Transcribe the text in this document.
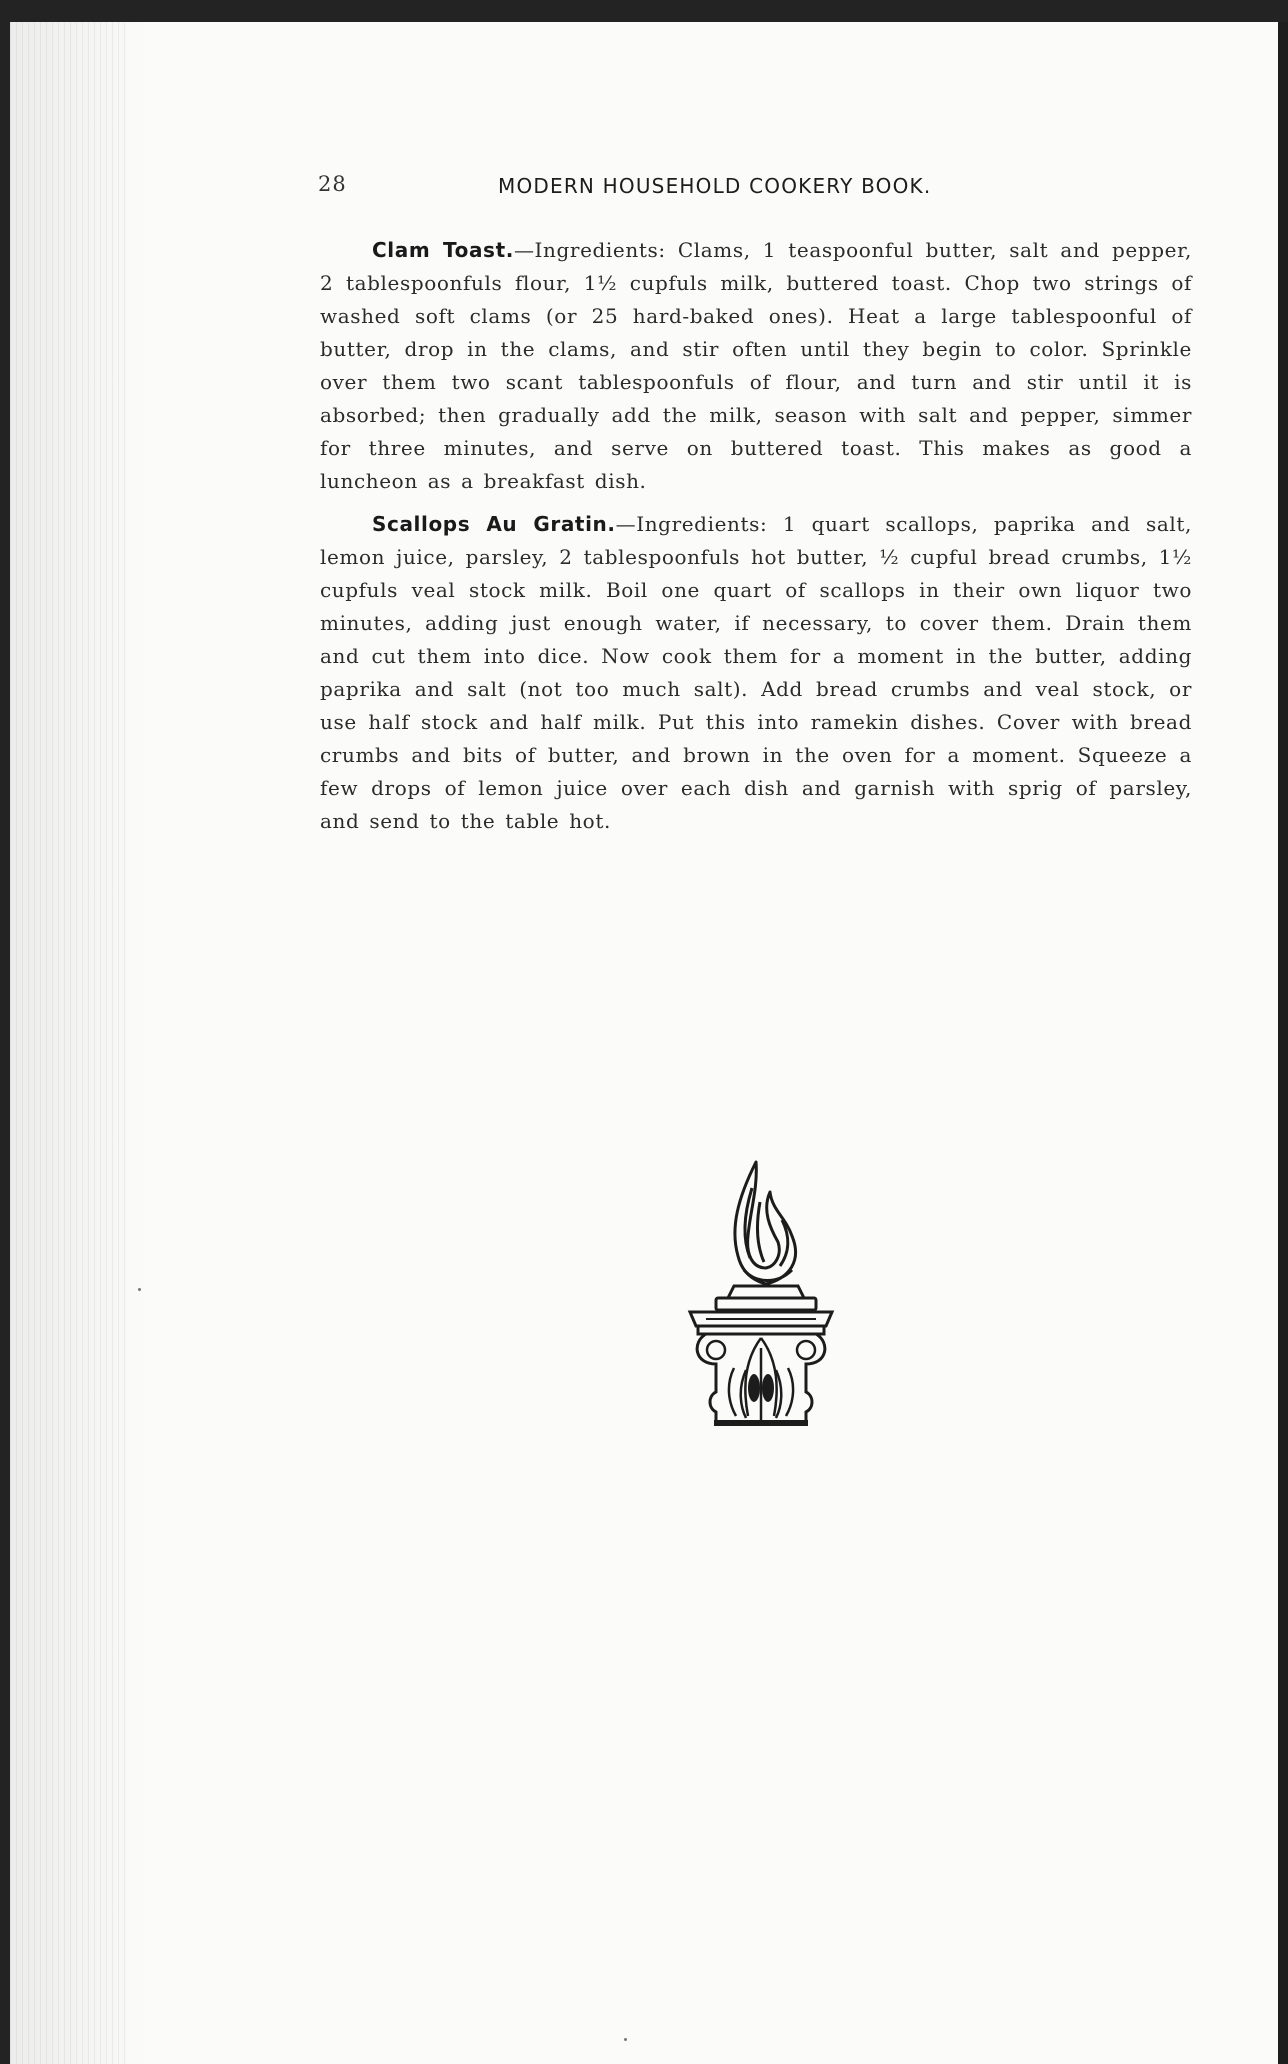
28	MODERN HOUSEHOLD COOKERY BOOK.

Clam Toast.—Ingredients: Clams, 1 teaspoonful butter, salt and pepper, 2 tablespoonfuls flour, 1½ cupfuls milk, buttered toast. Chop two strings of washed soft clams (or 25 hard-baked ones). Heat a large tablespoonful of butter, drop in the clams, and stir often until they begin to color. Sprinkle over them two scant tablespoonfuls of flour, and turn and stir until it is absorbed; then gradually add the milk, season with salt and pepper, simmer for three minutes, and serve on buttered toast. This makes as good a luncheon as a breakfast dish.

Scallops Au Gratin.—Ingredients: 1 quart scallops, paprika and salt, lemon juice, parsley, 2 tablespoonfuls hot butter, ½ cupful bread crumbs, 1½ cupfuls veal stock milk. Boil one quart of scallops in their own liquor two minutes, adding just enough water, if necessary, to cover them. Drain them and cut them into dice. Now cook them for a moment in the butter, adding paprika and salt (not too much salt). Add bread crumbs and veal stock, or use half stock and half milk. Put this into ramekin dishes. Cover with bread crumbs and bits of butter, and brown in the oven for a moment. Squeeze a few drops of lemon juice over each dish and garnish with sprig of parsley, and send to the table hot.
